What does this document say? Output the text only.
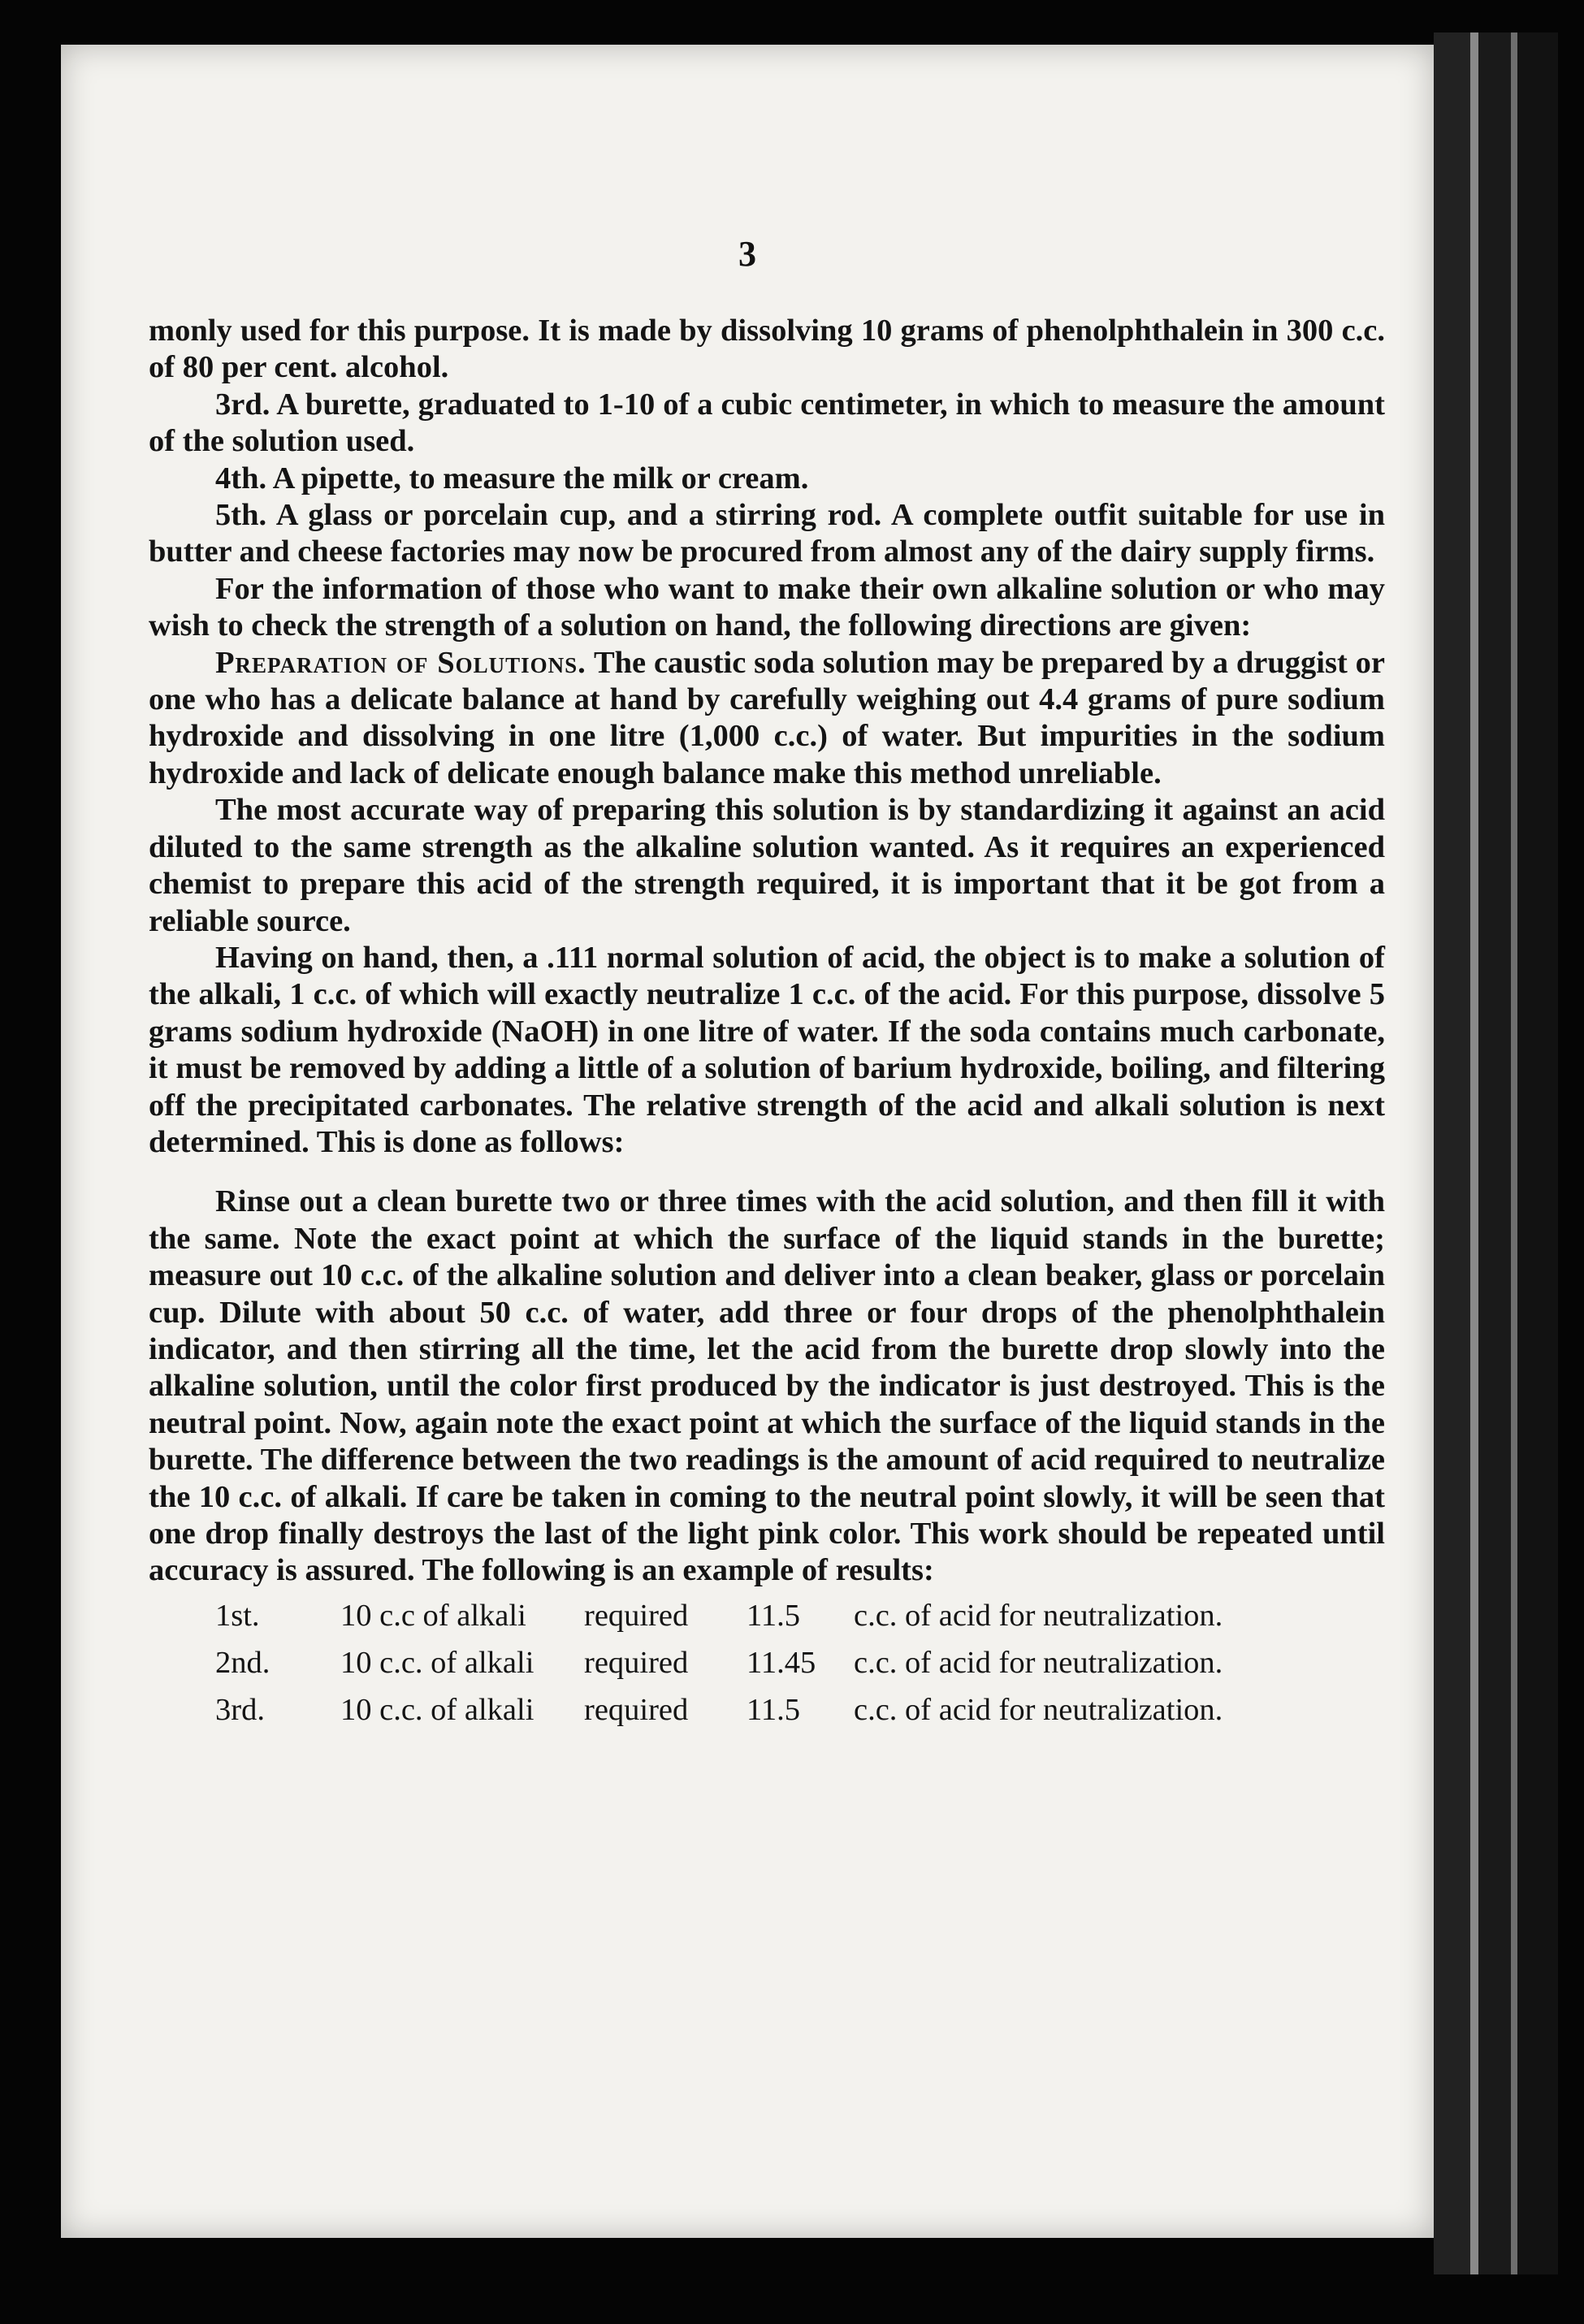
3

monly used for this purpose. It is made by dissolving 10 grams of phenolphthalein in 300 c.c. of 80 per cent. alcohol.

3rd. A burette, graduated to 1-10 of a cubic centimeter, in which to measure the amount of the solution used.

4th. A pipette, to measure the milk or cream.

5th. A glass or porcelain cup, and a stirring rod. A complete outfit suitable for use in butter and cheese factories may now be procured from almost any of the dairy supply firms.

For the information of those who want to make their own alkaline solution or who may wish to check the strength of a solution on hand, the following directions are given:

Preparation of Solutions. The caustic soda solution may be prepared by a druggist or one who has a delicate balance at hand by carefully weighing out 4.4 grams of pure sodium hydroxide and dissolving in one litre (1,000 c.c.) of water. But impurities in the sodium hydroxide and lack of delicate enough balance make this method unreliable.

The most accurate way of preparing this solution is by standardizing it against an acid diluted to the same strength as the alkaline solution wanted. As it requires an experienced chemist to prepare this acid of the strength required, it is important that it be got from a reliable source.

Having on hand, then, a .111 normal solution of acid, the object is to make a solution of the alkali, 1 c.c. of which will exactly neutralize 1 c.c. of the acid. For this purpose, dissolve 5 grams sodium hydroxide (NaOH) in one litre of water. If the soda contains much carbonate, it must be removed by adding a little of a solution of barium hydroxide, boiling, and filtering off the precipitated carbonates. The relative strength of the acid and alkali solution is next determined. This is done as follows:

Rinse out a clean burette two or three times with the acid solution, and then fill it with the same. Note the exact point at which the surface of the liquid stands in the burette; measure out 10 c.c. of the alkaline solution and deliver into a clean beaker, glass or porcelain cup. Dilute with about 50 c.c. of water, add three or four drops of the phenolphthalein indicator, and then stirring all the time, let the acid from the burette drop slowly into the alkaline solution, until the color first produced by the indicator is just destroyed. This is the neutral point. Now, again note the exact point at which the surface of the liquid stands in the burette. The difference between the two readings is the amount of acid required to neutralize the 10 c.c. of alkali. If care be taken in coming to the neutral point slowly, it will be seen that one drop finally destroys the last of the light pink color. This work should be repeated until accuracy is assured. The following is an example of results:

1st.	10 c.c of alkali	required	11.5	c.c. of acid for neutralization.
2nd.	10 c.c. of alkali	required	11.45	c.c. of acid for neutralization.
3rd.	10 c.c. of alkali	required	11.5	c.c. of acid for neutralization.
